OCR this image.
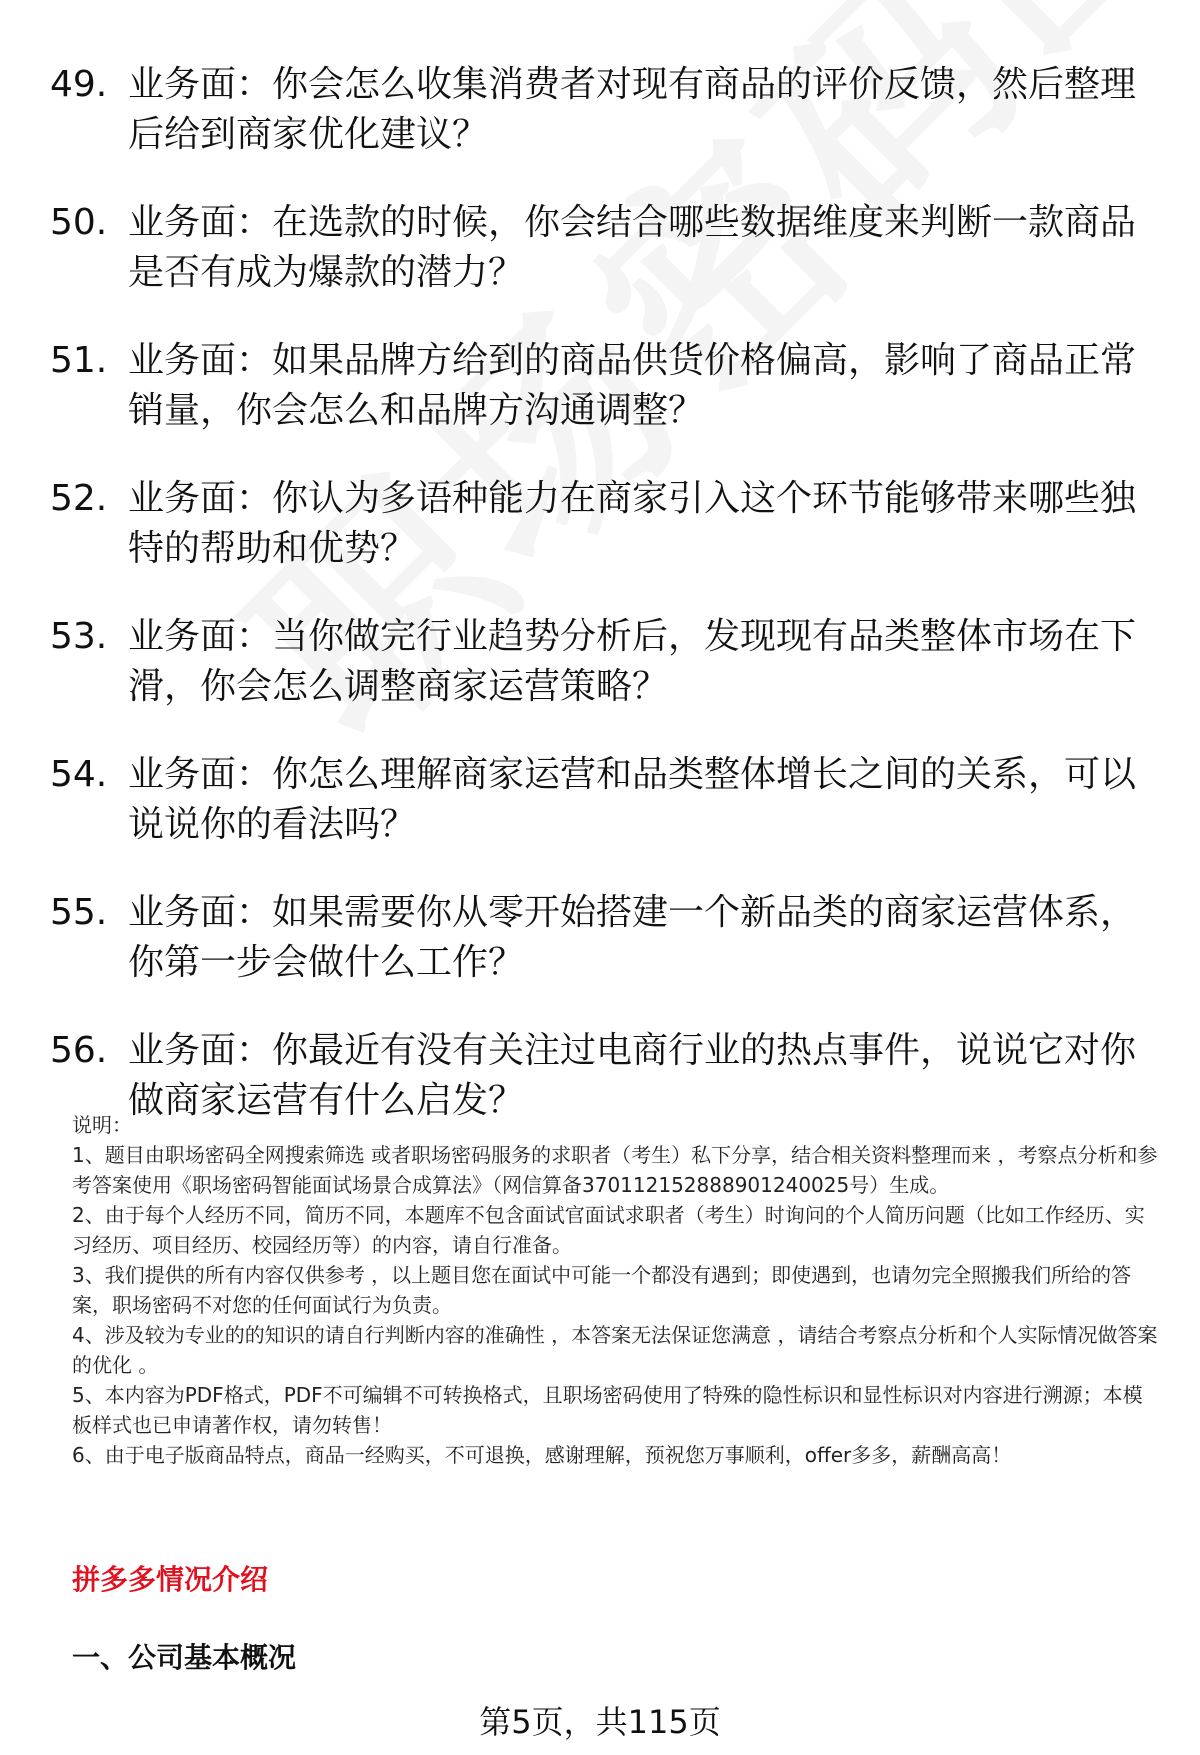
49. 业务面：你会怎么收集消费者对现有商品的评价反馈，然后整理后给到商家优化建议？
50. 业务面：在选款的时候，你会结合哪些数据维度来判断一款商品是否有成为爆款的潜力？
51. 业务面：如果品牌方给到的商品供货价格偏高，影响了商品正常销量，你会怎么和品牌方沟通调整？
52. 业务面：你认为多语种能力在商家引入这个环节能够带来哪些独特的帮助和优势？
53. 业务面：当你做完行业趋势分析后，发现现有品类整体市场在下滑，你会怎么调整商家运营策略？
54. 业务面：你怎么理解商家运营和品类整体增长之间的关系，可以说说你的看法吗？
55. 业务面：如果需要你从零开始搭建一个新品类的商家运营体系，你第一步会做什么工作？
56. 业务面：你最近有没有关注过电商行业的热点事件，说说它对你做商家运营有什么启发？

说明：

1、题目由职场密码全网搜索筛选 或者职场密码服务的求职者（考生）私下分享，结合相关资料整理而来 ，考察点分析和参考答案使用《职场密码智能面试场景合成算法》（网信算备370112152888901240025号）生成。

2、由于每个人经历不同，简历不同，本题库不包含面试官面试求职者（考生）时询问的个人简历问题（比如工作经历、实习经历、项目经历、校园经历等）的内容，请自行准备。

3、我们提供的所有内容仅供参考 ，以上题目您在面试中可能一个都没有遇到；即使遇到，也请勿完全照搬我们所给的答案，职场密码不对您的任何面试行为负责。

4、涉及较为专业的的知识的请自行判断内容的准确性 ，本答案无法保证您满意 ，请结合考察点分析和个人实际情况做答案的优化 。

5、本内容为PDF格式，PDF不可编辑不可转换格式，且职场密码使用了特殊的隐性标识和显性标识对内容进行溯源；本模板样式也已申请著作权，请勿转售！

6、由于电子版商品特点，商品一经购买，不可退换，感谢理解，预祝您万事顺利，offer多多，薪酬高高！

拼多多情况介绍
一、公司基本概况
第5页，共115页
